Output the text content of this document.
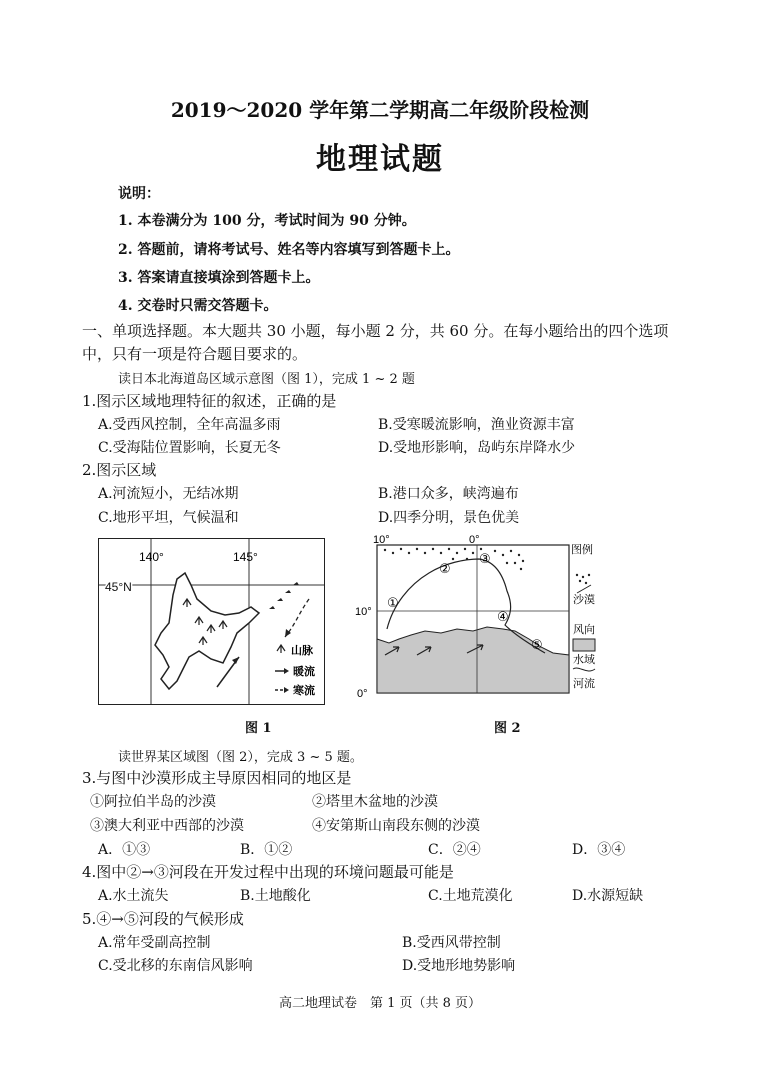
2019～2020 学年第二学期高二年级阶段检测
地理试题
说明：
1. 本卷满分为 100 分，考试时间为 90 分钟。
2. 答题前，请将考试号、姓名等内容填写到答题卡上。
3. 答案请直接填涂到答题卡上。
4. 交卷时只需交答题卡。
一、单项选择题。本大题共 30 小题，每小题 2 分，共 60 分。在每小题给出的四个选项
中，只有一项是符合题目要求的。
读日本北海道岛区域示意图（图 1），完成 1 ~ 2 题
1.图示区域地理特征的叙述，正确的是
A.受西风控制，全年高温多雨	B.受寒暖流影响，渔业资源丰富
C.受海陆位置影响，长夏无冬	D.受地形影响，岛屿东岸降水少
2.图示区域
A.河流短小，无结冰期	B.港口众多，峡湾遍布
C.地形平坦，气候温和	D.四季分明，景色优美
140°	145°
45°N
山脉
暖流
寒流
10°	0°
10°
0°
①
②
③
④
⑤
图例
沙漠
风向
水域
河流
图 1	图 2
读世界某区域图（图 2），完成 3 ~ 5 题。
3.与图中沙漠形成主导原因相同的地区是
①阿拉伯半岛的沙漠	②塔里木盆地的沙漠
③澳大利亚中西部的沙漠	④安第斯山南段东侧的沙漠
A．①③	B．①②	C．②④	D．③④
4.图中②→③河段在开发过程中出现的环境问题最可能是
A.水土流失	B.土地酸化	C.土地荒漠化	D.水源短缺
5.④→⑤河段的气候形成
A.常年受副高控制	B.受西风带控制
C.受北移的东南信风影响	D.受地形地势影响
高二地理试卷　第 1 页（共 8 页）
